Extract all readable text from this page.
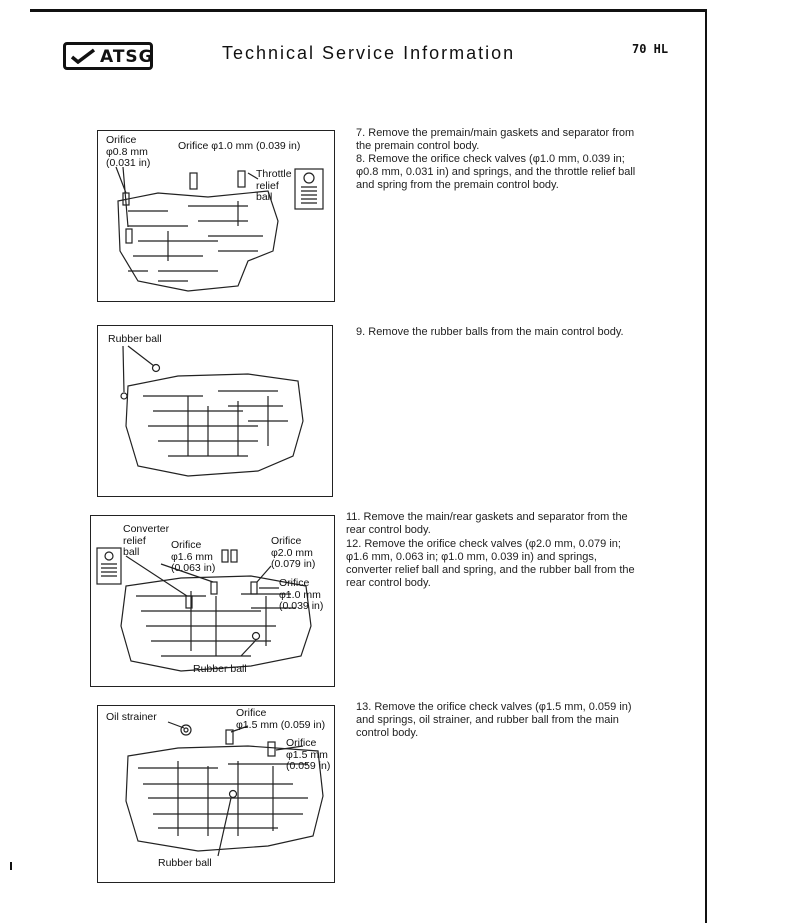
ATSG	Technical Service Information	70 HL
Orifice
φ0.8 mm
(0.031 in)
Orifice φ1.0 mm (0.039 in)
Throttle
relief
ball
Rubber ball
Converter
relief
ball
Orifice
φ1.6 mm
(0.063 in)
Orifice
φ2.0 mm
(0.079 in)
Orifice
φ1.0 mm
(0.039 in)
Rubber ball
Oil strainer	Orifice
φ1.5 mm (0.059 in)
Orifice
φ1.5 mm
(0.059 in)
Rubber ball
7. Remove the premain/main gaskets and separator from the premain control body.
8. Remove the orifice check valves (φ1.0 mm, 0.039 in; φ0.8 mm, 0.031 in) and springs, and the throttle relief ball and spring from the premain control body.
9. Remove the rubber balls from the main control body.
11. Remove the main/rear gaskets and separator from the rear control body.
12. Remove the orifice check valves (φ2.0 mm, 0.079 in; φ1.6 mm, 0.063 in; φ1.0 mm, 0.039 in) and springs, converter relief ball and spring, and the rubber ball from the rear control body.
13. Remove the orifice check valves (φ1.5 mm, 0.059 in) and springs, oil strainer, and rubber ball from the main control body.
